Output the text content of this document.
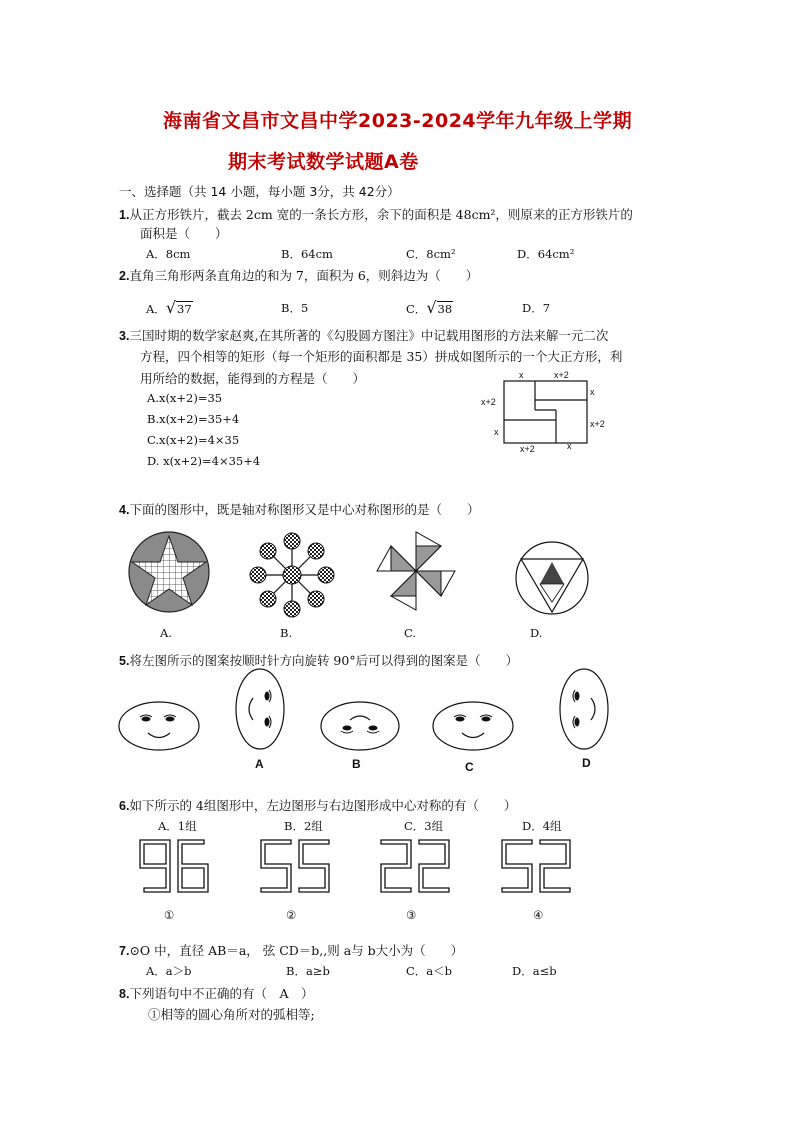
海南省文昌市文昌中学2023-2024学年九年级上学期
期末考试数学试题A卷
一、选择题（共 14 小题，每小题 3分，共 42分）
1.从正方形铁片，截去 2cm 宽的一条长方形，余下的面积是 48cm²，则原来的正方形铁片的
面积是（　　）
A．8cm	B．64cm	C．8cm²	D．64cm²
2.直角三角形两条直角边的和为 7，面积为 6，则斜边为（　　）
A．√37	B．5	C．√38	D．7
3.三国时期的数学家赵爽,在其所著的《勾股圆方图注》中记载用图形的方法来解一元二次
方程，四个相等的矩形（每一个矩形的面积都是 35）拼成如图所示的一个大正方形，利
用所给的数据，能得到的方程是（　　）
A.x(x+2)=35
B.x(x+2)=35+4
C.x(x+2)=4×35
D. x(x+2)=4×35+4
x	x+2
x
x+2
x+2
x
x+2	x
4.下面的图形中，既是轴对称图形又是中心对称图形的是（　　）
A.	B.	C.	D.
5.将左图所示的图案按顺时针方向旋转 90°后可以得到的图案是（　　）
A	B	C	D
6.如下所示的 4组图形中，左边图形与右边图形成中心对称的有（　　）
A．1组	B．2组	C．3组	D．4组
①	②	③	④
7.⊙O 中，直径 AB＝a， 弦 CD＝b,,则 a与 b大小为（　　）
A．a＞b	B．a≥b	C．a＜b	D．a≤b
8.下列语句中不正确的有（　A　）
①相等的圆心角所对的弧相等;
